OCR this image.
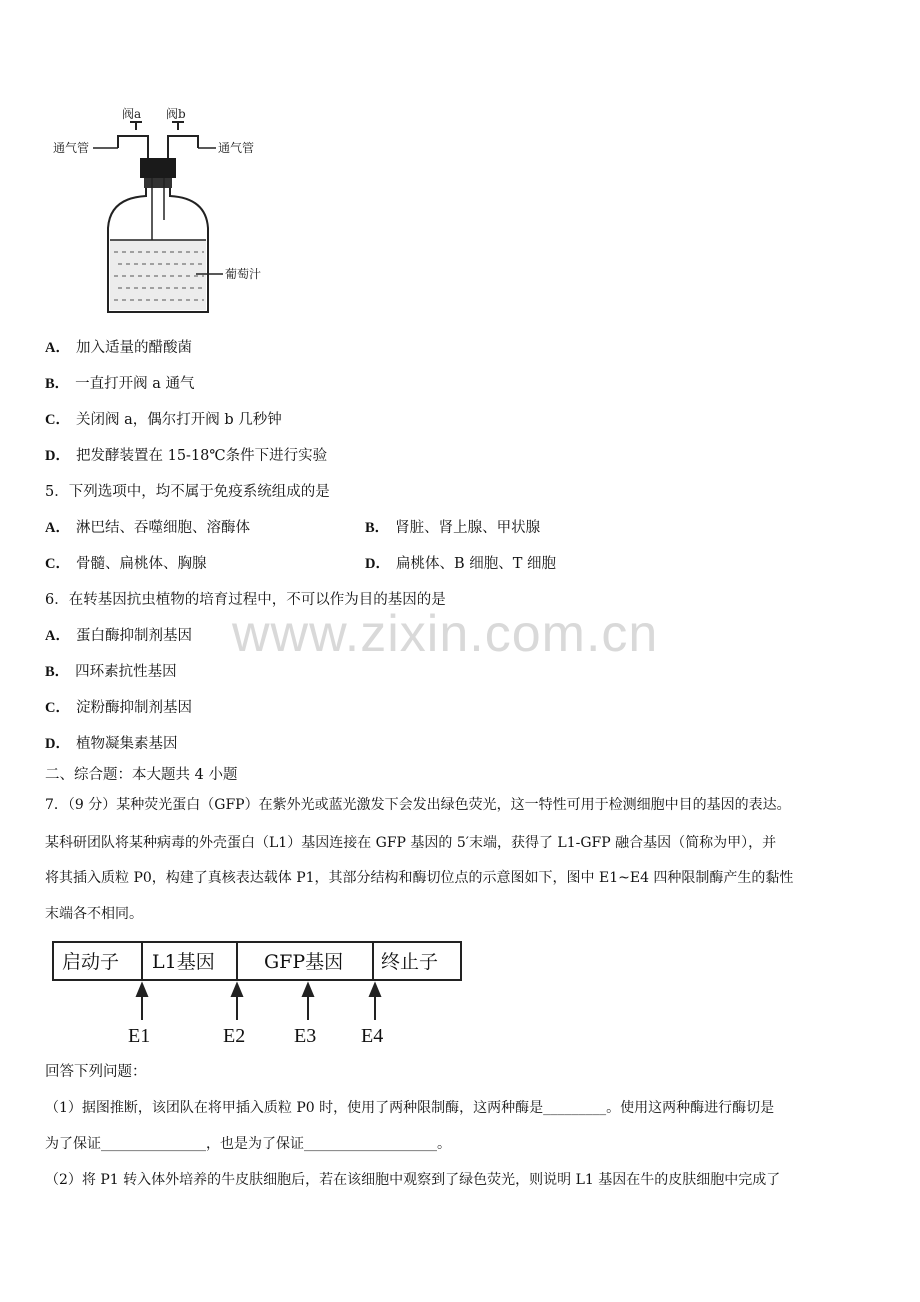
阀a 阀b
通气管	通气管
葡萄汁
A． 加入适量的醋酸菌
B． 一直打开阀 a 通气
C． 关闭阀 a，偶尔打开阀 b 几秒钟
D． 把发酵装置在 15-18℃条件下进行实验
5．下列选项中，均不属于免疫系统组成的是
A． 淋巴结、吞噬细胞、溶酶体	B． 肾脏、肾上腺、甲状腺
C． 骨髓、扁桃体、胸腺	D． 扁桃体、B 细胞、T 细胞
6．在转基因抗虫植物的培育过程中，不可以作为目的基因的是
A． 蛋白酶抑制剂基因
B． 四环素抗性基因
C． 淀粉酶抑制剂基因
D． 植物凝集素基因
www.zixin.com.cn
二、综合题：本大题共 4 小题
7．（9 分）某种荧光蛋白（GFP）在紫外光或蓝光激发下会发出绿色荧光，这一特性可用于检测细胞中目的基因的表达。
某科研团队将某种病毒的外壳蛋白（L1）基因连接在 GFP 基因的 5′末端，获得了 L1-GFP 融合基因（简称为甲），并
将其插入质粒 P0，构建了真核表达载体 P1，其部分结构和酶切位点的示意图如下，图中 E1~E4 四种限制酶产生的黏性
末端各不相同。
启动子 L1基因	GFP基因 终止子
E1	E2 E3 E4
回答下列问题：
（1）据图推断，该团队在将甲插入质粒 P0 时，使用了两种限制酶，这两种酶是_________。使用这两种酶进行酶切是
为了保证_______________，也是为了保证___________________。
（2）将 P1 转入体外培养的牛皮肤细胞后，若在该细胞中观察到了绿色荧光，则说明 L1 基因在牛的皮肤细胞中完成了
